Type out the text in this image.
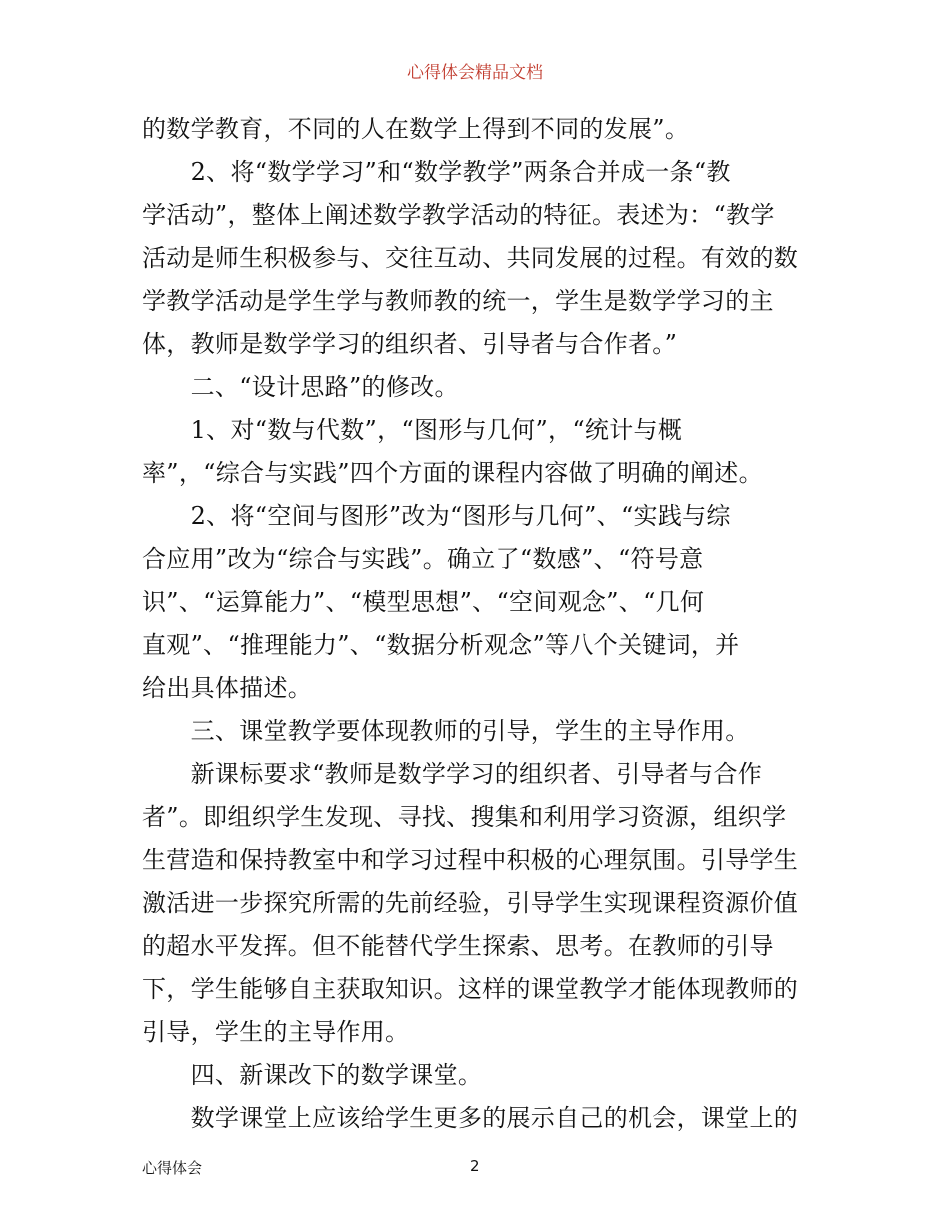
心得体会精品文档
的数学教育，不同的人在数学上得到不同的发展”。
　　2、将“数学学习”和“数学教学”两条合并成一条“教
学活动”，整体上阐述数学教学活动的特征。表述为：“教学
活动是师生积极参与、交往互动、共同发展的过程。有效的数
学教学活动是学生学与教师教的统一，学生是数学学习的主
体，教师是数学学习的组织者、引导者与合作者。”
　　二、“设计思路”的修改。
　　1、对“数与代数”，“图形与几何”，“统计与概
率”，“综合与实践”四个方面的课程内容做了明确的阐述。
　　2、将“空间与图形”改为“图形与几何”、“实践与综
合应用”改为“综合与实践”。确立了“数感”、“符号意
识”、“运算能力”、“模型思想”、“空间观念”、“几何
直观”、“推理能力”、“数据分析观念”等八个关键词，并
给出具体描述。
　　三、课堂教学要体现教师的引导，学生的主导作用。
　　新课标要求“教师是数学学习的组织者、引导者与合作
者”。即组织学生发现、寻找、搜集和利用学习资源，组织学
生营造和保持教室中和学习过程中积极的心理氛围。引导学生
激活进一步探究所需的先前经验，引导学生实现课程资源价值
的超水平发挥。但不能替代学生探索、思考。在教师的引导
下，学生能够自主获取知识。这样的课堂教学才能体现教师的
引导，学生的主导作用。
　　四、新课改下的数学课堂。
　　数学课堂上应该给学生更多的展示自己的机会，课堂上的
心得体会	2
